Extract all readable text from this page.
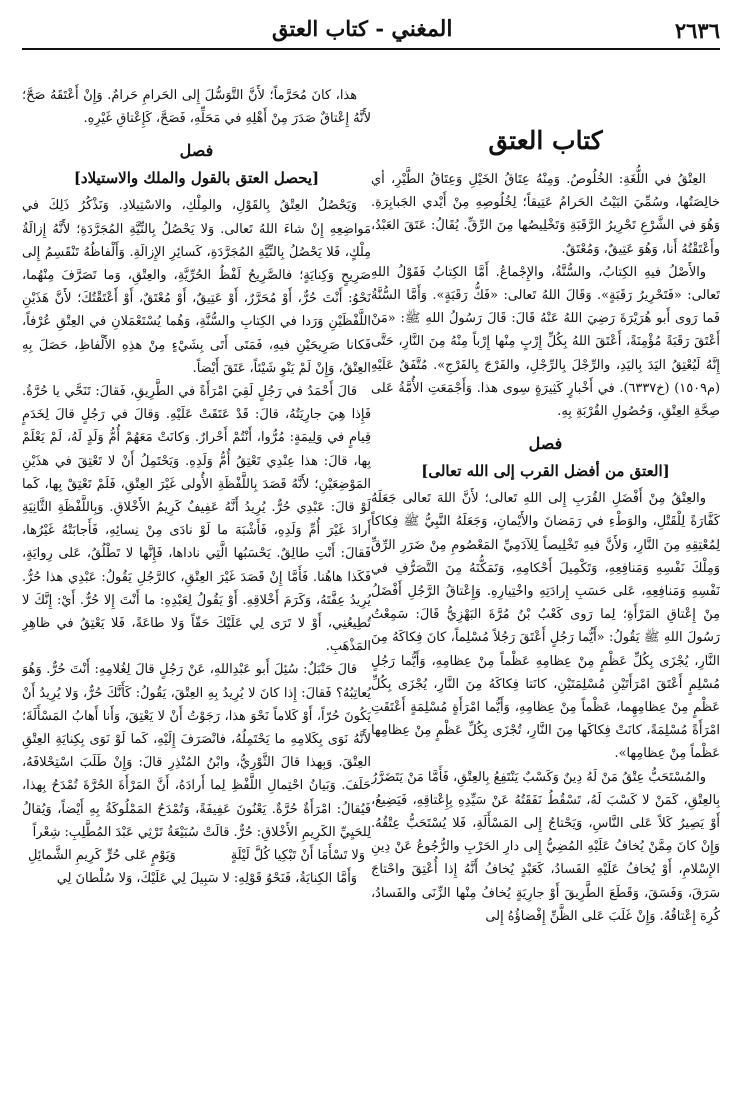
٢٦٣٦
المغني - كتاب العتق
كتاب العتق

العِتْقُ في اللُّغَةِ: الخُلُوصُ. وَمِنْهُ عِتَاقُ الخَيْلِ وَعِتَاقُ الطَّيْرِ، أي خالِصَتُها، وسُمِّيَ البَيْتُ الحَرامُ عَتِيقاً؛ لِخُلُوصِهِ مِنْ أَيْدي الجَبابِرَةِ. وَهُوَ في الشَّرْعِ تَحْرِيرُ الرَّقَبَةِ وَتَخْلِيصُها مِنَ الرِّقِّ. يُقَالُ: عَتَقَ العَبْدُ، وأَعْتَقْتُهُ أَنا، وَهُوَ عَتِيقٌ، وَمُعْتَقٌ.

والأَصْلُ فيهِ الكِتابُ، والسُّنَّةُ، والإِجْماعُ. أَمَّا الكِتابُ فَقَوْلُ اللهِ تَعالى: «فَتَحْرِيرُ رَقَبَةٍ». وَقَالَ اللهُ تَعالى: «فَكُّ رَقَبَةٍ». وَأَمَّا السُّنَّةُ فَما رَوى أَبو هُرَيْرَةَ رَضِيَ اللهُ عَنْهُ قَالَ: قَالَ رَسُولُ اللهِ ﷺ: «مَنْ أَعْتَقَ رَقَبَةً مُؤْمِنَةً، أَعْتَقَ اللهُ بِكُلِّ إِرْبٍ مِنْها إِرْباً مِنْهُ مِنَ النَّارِ، حَتَّى إِنَّهُ لَيُعْتِقُ اليَدَ بِاليَدِ، والرِّجْلَ بِالرِّجْلِ، والفَرْجَ بِالفَرْجِ». مُتَّفَقٌ عَلَيْهِ (م١٥٠٩) (خ٦٣٣٧). في أَخْبارٍ كَثِيرَةٍ سِوى هذا. وَأَجْمَعَتِ الأُمَّةُ عَلى صِحَّةِ العِتْقِ، وَحُصُولِ القُرْبَةِ بِهِ.

فصل
[العتق من أفضل القرب إلى الله تعالى]

والعِتْقُ مِنْ أَفْضَلِ القُرَبِ إِلى اللهِ تَعالى؛ لأَنَّ اللهَ تَعالى جَعَلَهُ كَفَّارَةً لِلْقَتْلِ، والوَطْءِ في رَمَضانَ والأَيْمانِ، وَجَعَلَهُ النَّبِيُّ ﷺ فِكاكاً لِمُعْتِقِهِ مِنَ النَّارِ، وَلأَنَّ فيهِ تَخْلِيصاً لِلآدَمِيِّ المَعْصُومِ مِنْ ضَرَرِ الرِّقِّ وَمِلْكَ نَفْسِهِ وَمَنافِعِهِ، وَتَكْمِيلَ أَحْكامِهِ، وَتَمَكُّنَهُ مِنَ التَّصَرُّفِ في نَفْسِهِ وَمَنافِعِهِ، عَلى حَسَبِ إِرادَتِهِ واخْتِيارِهِ. وَإِعْتاقُ الرَّجُلِ أَفْضَلُ مِنْ إِعْتاقِ المَرْأَةِ؛ لِما رَوى كَعْبُ بْنُ مُرَّةَ البَهْزِيُّ قَالَ: سَمِعْتُ رَسُولَ اللهِ ﷺ يَقُولُ: «أَيُّما رَجُلٍ أَعْتَقَ رَجُلاً مُسْلِماً، كانَ فِكاكَهُ مِنَ النَّارِ، يُجْزَى بِكُلِّ عَظْمٍ مِنْ عِظامِهِ عَظْماً مِنْ عِظامِهِ، وَأَيُّما رَجُلٍ مُسْلِمٍ أَعْتَقَ امْرَأَتَيْنِ مُسْلِمَتَيْنِ، كانَتا فِكاكَهُ مِنَ النَّارِ، يُجْزَى بِكُلِّ عَظْمٍ مِنْ عِظامِهِما، عَظْماً مِنْ عِظامِهِ، وَأَيُّما امْرَأَةٍ مُسْلِمَةٍ أَعْتَقَتِ امْرَأَةً مُسْلِمَةً، كانَتْ فِكاكَها مِنَ النَّارِ، تُجْزَى بِكُلِّ عَظْمٍ مِنْ عِظامِها عَظْماً مِنْ عِظامِها».

والمُسْتَحَبُّ عِتْقُ مَنْ لَهُ دِينٌ وَكَسْبٌ يَنْتَفِعُ بِالعِتْقِ، فَأَمَّا مَنْ يَتَضَرَّرُ بِالعِتْقِ، كَمَنْ لا كَسْبَ لَهُ، تَسْقُطُ نَفَقَتُهُ عَنْ سَيِّدِهِ بِإِعْتاقِهِ، فَيَضِيعُ، أَوْ يَصِيرُ كَلاً عَلى النَّاسِ، وَيَحْتاجُ إِلى المَسْأَلَةِ، فَلا يُسْتَحَبُّ عِتْقُهُ. وَإِنْ كانَ مِمَّنْ يُخافُ عَلَيْهِ المُضِيُّ إِلى دارِ الحَرْبِ والرُّجُوعُ عَنْ دِينِ الإِسْلامِ، أَوْ يُخافُ عَلَيْهِ الفَسادُ، كَعَبْدٍ يُخافُ أَنَّهُ إِذا أُعْتِقَ واحْتاجَ سَرَقَ، وَفَسَقَ، وَقَطَعَ الطَّرِيقَ أَوْ جارِيَةٍ يُخافُ مِنْها الزِّنَى والفَسادُ، كُرِهَ إِعْتاقُهُ. وَإِنْ غَلَبَ عَلى الظَّنِّ إِفْضاؤُهُ إِلى

هذا، كانَ مُحَرَّماً؛ لأَنَّ التَّوَسُّلَ إِلى الحَرامِ حَرامٌ. وَإِنْ أَعْتَقَهُ صَحَّ؛ لأَنَّهُ إِعْتاقٌ صَدَرَ مِنْ أَهْلِهِ في مَحَلِّهِ، فَصَحَّ، كَإِعْتاقِ غَيْرِهِ.

فصل
[يحصل العتق بالقول والملك والاستيلاد]

وَيَحْصُلُ العِتْقُ بِالقَوْلِ، والمِلْكِ، والاسْتِيلادِ. وَنَذْكُرُ ذَلِكَ في مَواضِعِهِ إِنْ شاءَ اللهُ تَعالى. وَلا يَحْصُلُ بِالنِّيَّةِ المُجَرَّدَةِ؛ لأَنَّهُ إِزالَةُ مِلْكٍ، فَلا يَحْصُلُ بِالنِّيَّةِ المُجَرَّدَةِ، كَسائِرِ الإِزالَةِ. وَأَلْفاظُهُ تَنْقَسِمُ إِلى صَرِيحٍ وَكِنايَةٍ؛ فالصَّرِيحُ لَفْظُ الحُرِّيَّةِ، والعِتْقِ، وَما تَصَرَّفَ مِنْهُما، نَحْوُ: أَنْتَ حُرٌّ، أَوْ مُحَرَّرٌ، أَوْ عَتِيقٌ، أَوْ مُعْتَقٌ، أَوْ أَعْتَقْتُكَ؛ لأَنَّ هَذَيْنِ اللَّفْظَيْنِ وَرَدا في الكِتابِ والسُّنَّةِ، وَهُما يُسْتَعْمَلانِ في العِتْقِ عُرْفاً، فَكانا صَرِيحَيْنِ فيهِ، فَمَتَى أَتَى بِشَيْءٍ مِنْ هذِهِ الأَلْفاظِ، حَصَلَ بِهِ العِتْقُ، وَإِنْ لَمْ يَنْوِ شَيْئاً، عَتَقَ أَيْضاً.

قالَ أَحْمَدُ في رَجُلٍ لَقِيَ امْرَأَةً في الطَّرِيقِ، فَقالَ: تَنَحَّي يا حُرَّةُ. فَإِذا هِيَ جارِيَتُهُ، قالَ: قَدْ عَتَقَتْ عَلَيْهِ. وَقالَ في رَجُلٍ قالَ لِخَدَمٍ قِيامٍ في وَلِيمَةٍ: مُرُّوا، أَنْتُمْ أَحْرارٌ. وَكانَتْ مَعَهُمْ أُمُّ وَلَدٍ لَهُ، لَمْ يَعْلَمْ بِها، قالَ: هذا عِنْدِي تَعْتِقُ أُمُّ وَلَدِهِ. وَيَحْتَمِلُ أَنْ لا تَعْتِقَ في هذَيْنِ المَوْضِعَيْنِ؛ لأَنَّهُ قَصَدَ بِاللَّفْظَةِ الأُولى غَيْرَ العِتْقِ، فَلَمْ تَعْتِقْ بِها، كَما لَوْ قالَ: عَبْدِي حُرٌّ. يُرِيدُ أَنَّهُ عَفِيفٌ كَرِيمُ الأَخْلاقِ. وَبِاللَّفْظَةِ الثَّانِيَةِ أَرادَ غَيْرَ أُمِّ وَلَدِهِ، فَأَشْبَهَ ما لَوْ نادَى مِنْ نِسائِهِ، فَأَجابَتْهُ غَيْرُها، فَقالَ: أَنْتِ طالِقٌ. يَحْسَبُها الَّتِي ناداها، فَإِنَّها لا تَطْلُقُ، عَلى رِوايَةٍ، فَكَذا هاهُنا. فَأَمَّا إِنْ قَصَدَ غَيْرَ العِتْقِ، كالرَّجُلِ يَقُولُ: عَبْدِي هذا حُرٌّ. يُرِيدُ عِفَّتَهُ، وَكَرَمَ أَخْلاقِهِ. أَوْ يَقُولُ لِعَبْدِهِ: ما أَنْتَ إِلا حُرٌّ. أَيْ: إِنَّكَ لا تُطِيعُنِي، أَوْ لا تَرَى لِي عَلَيْكَ حَقّاً وَلا طاعَةً، فَلا يَعْتِقُ في ظاهِرِ المَذْهَبِ.

قالَ حَنْبَلٌ: سُئِلَ أَبو عَبْدِاللهِ، عَنْ رَجُلٍ قالَ لِغُلامِهِ: أَنْتَ حُرٌّ. وَهُوَ يُعاتِبُهُ؟ فَقالَ: إِذا كانَ لا يُرِيدُ بِهِ العِتْقَ، يَقُولُ: كَأَنَّكَ حُرٌّ، وَلا يُرِيدُ أَنْ يَكُونَ حُرّاً، أَوْ كَلاماً نَحْوَ هذا، رَجَوْتُ أَنْ لا يَعْتِقَ، وَأَنا أَهابُ المَسْأَلَةَ؛ لأَنَّهُ نَوَى بِكَلامِهِ ما يَحْتَمِلُهُ، فانْصَرَفَ إِلَيْهِ، كَما لَوْ نَوَى بِكِنايَةِ العِتْقِ العِتْقَ. وَبِهذا قالَ الثَّوْرِيُّ، وابْنُ المُنْذِرِ قالَ: وَإِنْ طَلَبَ اسْتِحْلافَهُ، حَلَفَ. وَبَيانُ احْتِمالِ اللَّفْظِ لِما أَرادَهُ، أَنَّ المَرْأَةَ الحُرَّةَ تُمْدَحُ بِهذا، فَيُقالُ: امْرَأَةٌ حُرَّةٌ. يَعْنُونَ عَفِيفَةً، وَتُمْدَحُ المَمْلُوكَةُ بِهِ أَيْضاً، وَيُقالُ لِلحَيِيِّ الكَرِيمِ الأَخْلاقِ: حُرٌّ. قالَتْ سُبَيْعَةُ تَرْثِي عَبْدَ المُطَّلِبِ: شِعْراً

وَلا تَسْأَمَا أَنْ تَبْكِيا كُلَّ لَيْلَةٍ
وَيَوْمٍ عَلى حُرٍّ كَرِيمِ الشَّمائِلِ

وَأَمَّا الكِنايَةُ، فَنَحْوُ قَوْلِهِ: لا سَبِيلَ لِي عَلَيْكَ، وَلا سُلْطانَ لِي
